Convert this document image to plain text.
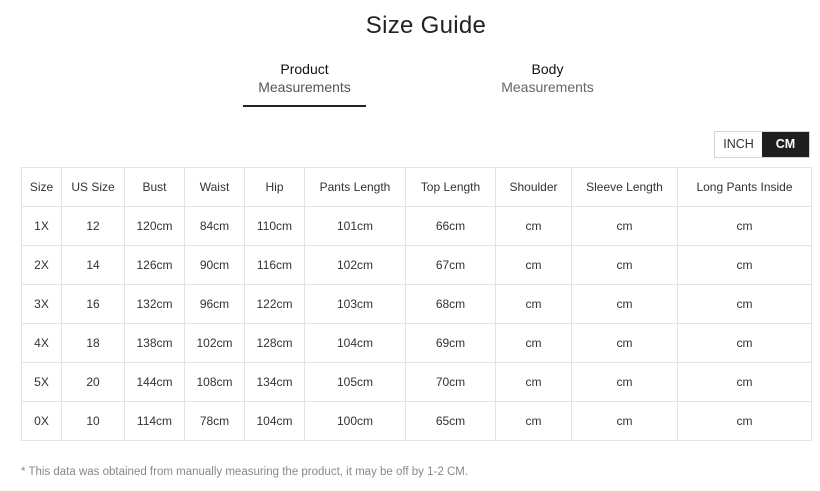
Size Guide
Product
Measurements
Body
Measurements
INCH	CM
Size	US Size	Bust	Waist	Hip	Pants Length	Top Length	Shoulder	Sleeve Length	Long Pants Inside
1X	12	120cm	84cm	110cm	101cm	66cm	cm	cm	cm
2X	14	126cm	90cm	116cm	102cm	67cm	cm	cm	cm
3X	16	132cm	96cm	122cm	103cm	68cm	cm	cm	cm
4X	18	138cm	102cm	128cm	104cm	69cm	cm	cm	cm
5X	20	144cm	108cm	134cm	105cm	70cm	cm	cm	cm
0X	10	114cm	78cm	104cm	100cm	65cm	cm	cm	cm
* This data was obtained from manually measuring the product, it may be off by 1-2 CM.
